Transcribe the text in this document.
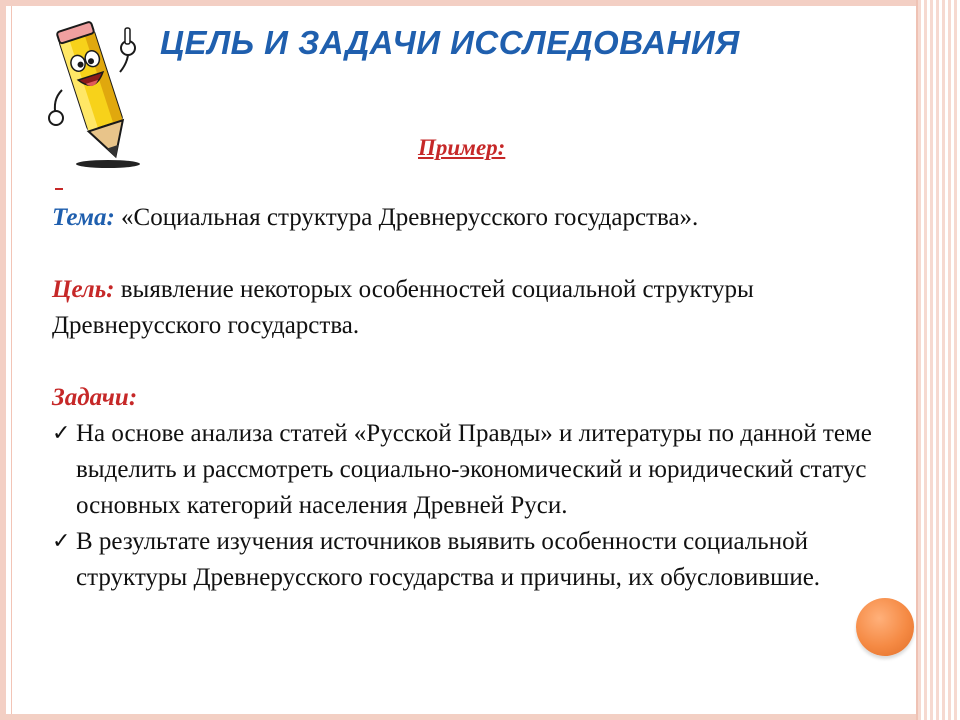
ЦЕЛЬ И ЗАДАЧИ ИССЛЕДОВАНИЯ
Пример:

Тема: «Социальная структура Древнерусского государства».

Цель: выявление некоторых особенностей социальной структуры Древнерусского государства.

Задачи:

✓ На основе анализа статей «Русской Правды» и литературы по данной теме выделить и рассмотреть социально-экономический и юридический статус основных категорий населения Древней Руси.
✓ В результате изучения источников выявить особенности социальной структуры Древнерусского государства и причины, их обусловившие.
